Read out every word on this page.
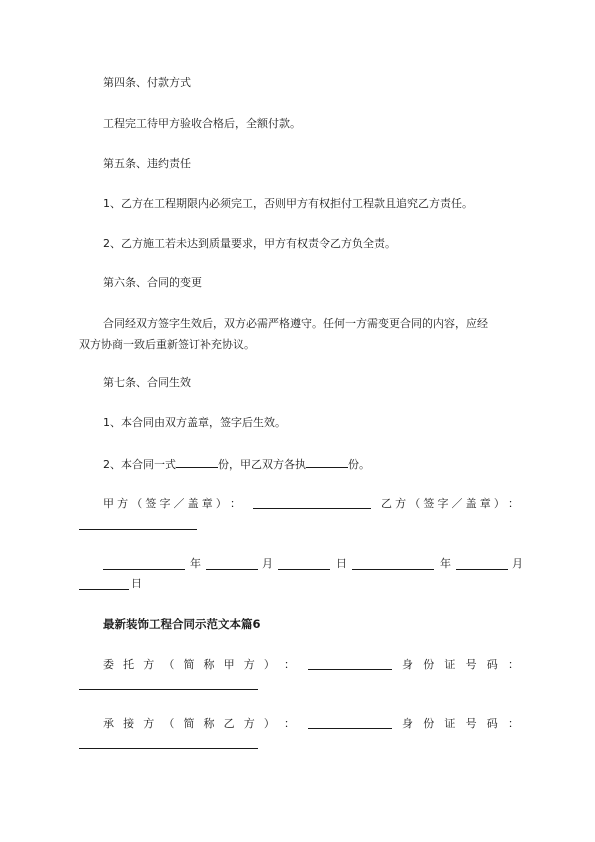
第四条、付款方式
工程完工待甲方验收合格后，全额付款。
第五条、违约责任
1、乙方在工程期限内必须完工，否则甲方有权拒付工程款且追究乙方责任。
2、乙方施工若未达到质量要求，甲方有权责令乙方负全责。
第六条、合同的变更
合同经双方签字生效后，双方必需严格遵守。任何一方需变更合同的内容，应经
双方协商一致后重新签订补充协议。
第七条、合同生效
1、本合同由双方盖章，签字后生效。
2、本合同一式	份，甲乙双方各执	份。
甲 方 （ 签 字 ／ 盖 章 ） ：	乙 方 （ 签 字 ／ 盖 章 ） ：
年	月	日	年	月
日
最新装饰工程合同示范文本篇6
委 托 方 （ 简 称 甲 方 ） ：	身 份 证 号 码 ：
承 接 方 （ 简 称 乙 方 ） ：	身 份 证 号 码 ：
